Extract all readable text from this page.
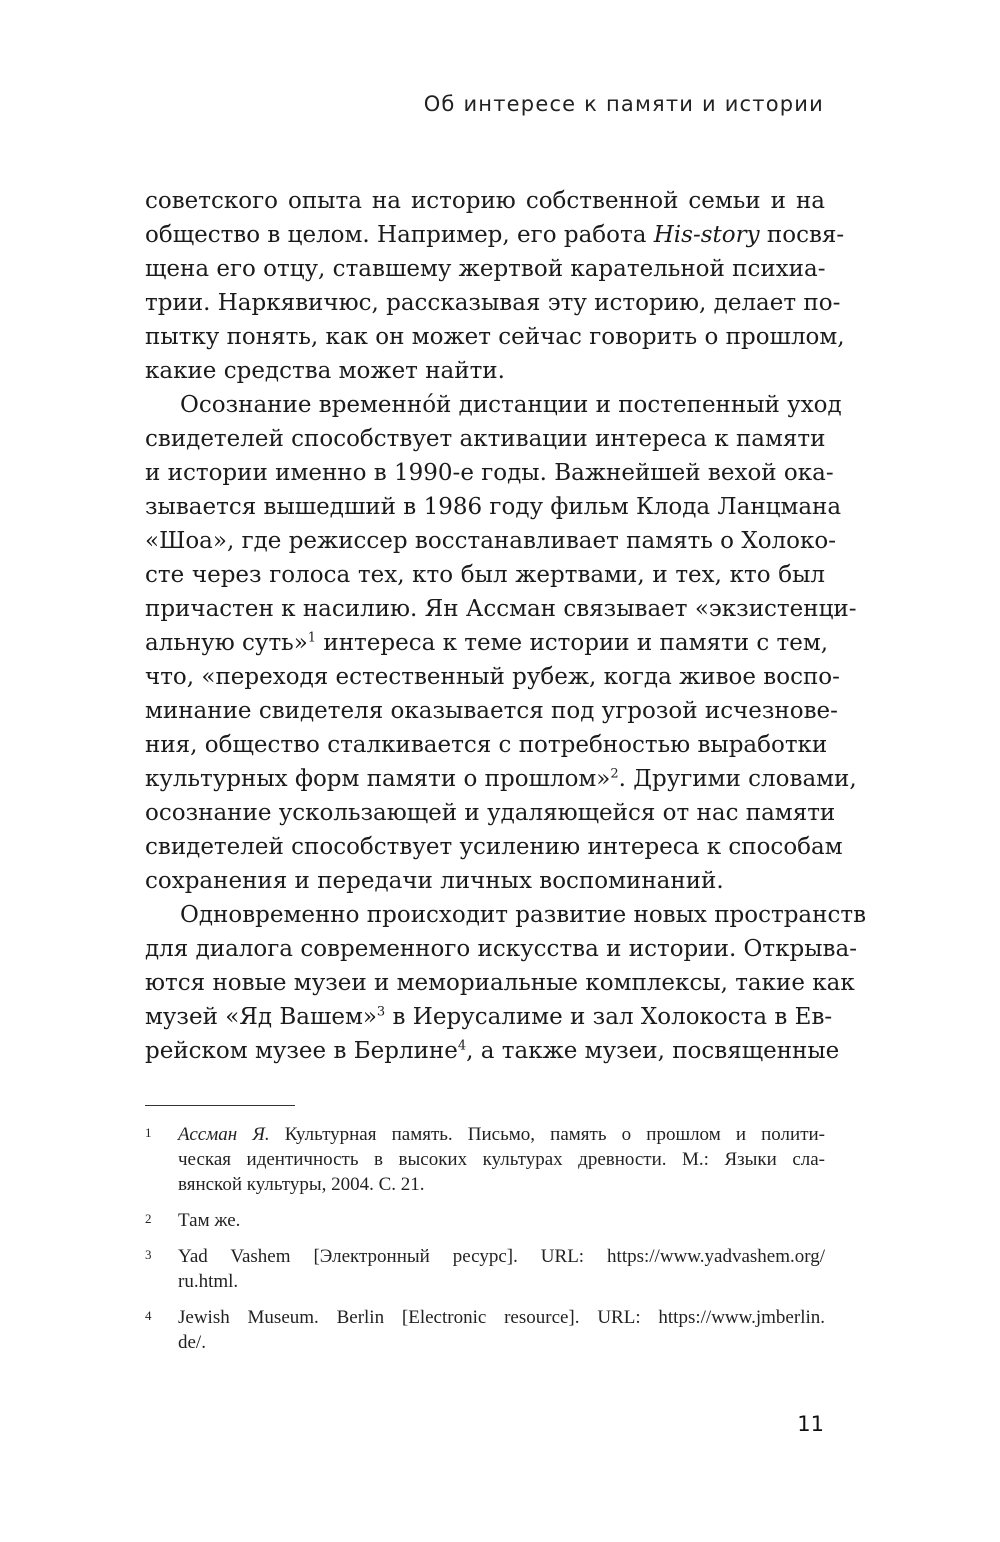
Об интересе к памяти и истории
советского опыта на историю собственной семьи и на
общество в целом. Например, его работа His-story посвя-
щена его отцу, ставшему жертвой карательной психиа-
трии. Наркявичюс, рассказывая эту историю, делает по-
пытку понять, как он может сейчас говорить о прошлом,
какие средства может найти.
Осознание временно́й дистанции и постепенный уход
свидетелей способствует активации интереса к памяти
и истории именно в 1990-е годы. Важнейшей вехой ока-
зывается вышедший в 1986 году фильм Клода Ланцмана
«Шоа», где режиссер восстанавливает память о Холоко-
сте через голоса тех, кто был жертвами, и тех, кто был
причастен к насилию. Ян Ассман связывает «экзистенци-
альную суть»$^1$ интереса к теме истории и памяти с тем,
что, «переходя естественный рубеж, когда живое воспо-
минание свидетеля оказывается под угрозой исчезнове-
ния, общество сталкивается с потребностью выработки
культурных форм памяти о прошлом»$^2$. Другими словами,
осознание ускользающей и удаляющейся от нас памяти
свидетелей способствует усилению интереса к способам
сохранения и передачи личных воспоминаний.
Одновременно происходит развитие новых пространств
для диалога современного искусства и истории. Открыва-
ются новые музеи и мемориальные комплексы, такие как
музей «Яд Вашем»$^3$ в Иерусалиме и зал Холокоста в Ев-
рейском музее в Берлине$^4$, а также музеи, посвященные
1 Ассман Я. Культурная память. Письмо, память о прошлом и полити-
ческая идентичность в высоких культурах древности. М.: Языки сла-
вянской культуры, 2004. С. 21.
2 Там же.
3 Yad Vashem [Электронный ресурс]. URL: https://www.yadvashem.org/
ru.html.
4 Jewish Museum. Berlin [Electronic resource]. URL: https://www.jmberlin.
de/.
11
